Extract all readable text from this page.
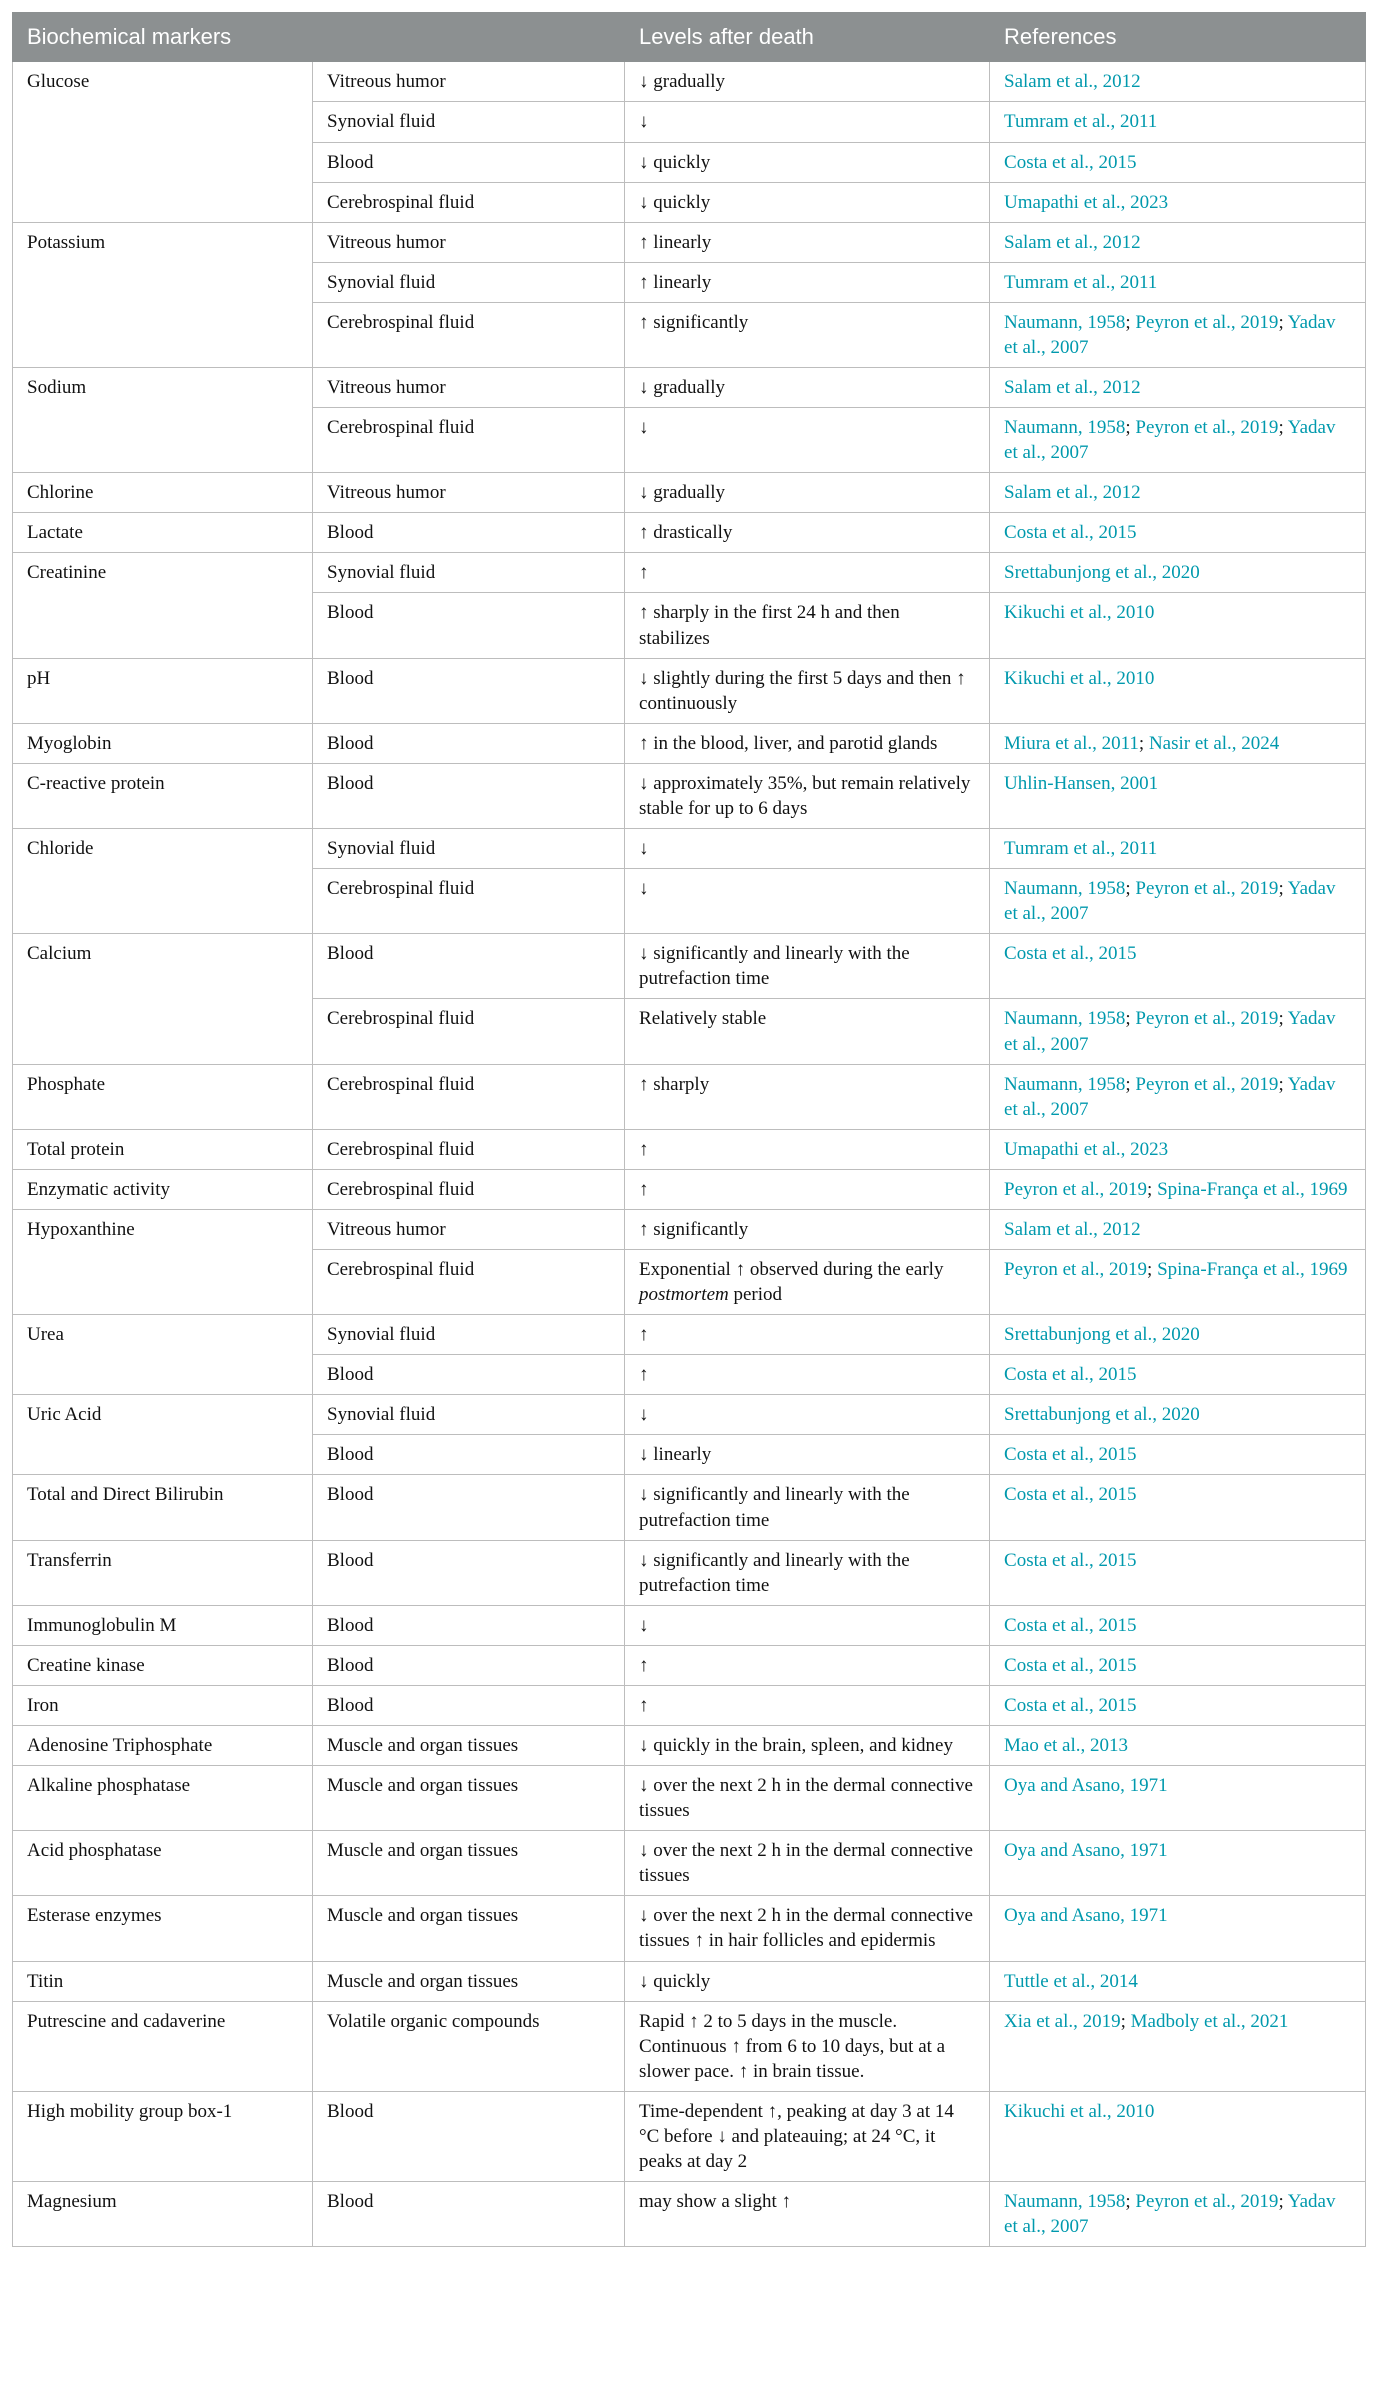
Biochemical markers		Levels after death	References
Glucose	Vitreous humor	↓ gradually	Salam et al., 2012
	Synovial fluid	↓	Tumram et al., 2011
	Blood	↓ quickly	Costa et al., 2015
	Cerebrospinal fluid	↓ quickly	Umapathi et al., 2023
Potassium	Vitreous humor	↑ linearly	Salam et al., 2012
	Synovial fluid	↑ linearly	Tumram et al., 2011
	Cerebrospinal fluid	↑ significantly	Naumann, 1958; Peyron et al., 2019; Yadav et al., 2007
Sodium	Vitreous humor	↓ gradually	Salam et al., 2012
	Cerebrospinal fluid	↓	Naumann, 1958; Peyron et al., 2019; Yadav et al., 2007
Chlorine	Vitreous humor	↓ gradually	Salam et al., 2012
Lactate	Blood	↑ drastically	Costa et al., 2015
Creatinine	Synovial fluid	↑	Srettabunjong et al., 2020
	Blood	↑ sharply in the first 24 h and then stabilizes	Kikuchi et al., 2010
pH	Blood	↓ slightly during the first 5 days and then ↑ continuously	Kikuchi et al., 2010
Myoglobin	Blood	↑ in the blood, liver, and parotid glands	Miura et al., 2011; Nasir et al., 2024
C-reactive protein	Blood	↓ approximately 35%, but remain relatively stable for up to 6 days	Uhlin-Hansen, 2001
Chloride	Synovial fluid	↓	Tumram et al., 2011
	Cerebrospinal fluid	↓	Naumann, 1958; Peyron et al., 2019; Yadav et al., 2007
Calcium	Blood	↓ significantly and linearly with the putrefaction time	Costa et al., 2015
	Cerebrospinal fluid	Relatively stable	Naumann, 1958; Peyron et al., 2019; Yadav et al., 2007
Phosphate	Cerebrospinal fluid	↑ sharply	Naumann, 1958; Peyron et al., 2019; Yadav et al., 2007
Total protein	Cerebrospinal fluid	↑	Umapathi et al., 2023
Enzymatic activity	Cerebrospinal fluid	↑	Peyron et al., 2019; Spina-França et al., 1969
Hypoxanthine	Vitreous humor	↑ significantly	Salam et al., 2012
	Cerebrospinal fluid	Exponential ↑ observed during the early postmortem period	Peyron et al., 2019; Spina-França et al., 1969
Urea	Synovial fluid	↑	Srettabunjong et al., 2020
	Blood	↑	Costa et al., 2015
Uric Acid	Synovial fluid	↓	Srettabunjong et al., 2020
	Blood	↓ linearly	Costa et al., 2015
Total and Direct Bilirubin	Blood	↓ significantly and linearly with the putrefaction time	Costa et al., 2015
Transferrin	Blood	↓ significantly and linearly with the putrefaction time	Costa et al., 2015
Immunoglobulin M	Blood	↓	Costa et al., 2015
Creatine kinase	Blood	↑	Costa et al., 2015
Iron	Blood	↑	Costa et al., 2015
Adenosine Triphosphate	Muscle and organ tissues	↓ quickly in the brain, spleen, and kidney	Mao et al., 2013
Alkaline phosphatase	Muscle and organ tissues	↓ over the next 2 h in the dermal connective tissues	Oya and Asano, 1971
Acid phosphatase	Muscle and organ tissues	↓ over the next 2 h in the dermal connective tissues	Oya and Asano, 1971
Esterase enzymes	Muscle and organ tissues	↓ over the next 2 h in the dermal connective tissues ↑ in hair follicles and epidermis	Oya and Asano, 1971
Titin	Muscle and organ tissues	↓ quickly	Tuttle et al., 2014
Putrescine and cadaverine	Volatile organic compounds	Rapid ↑ 2 to 5 days in the muscle. Continuous ↑ from 6 to 10 days, but at a slower pace. ↑ in brain tissue.	Xia et al., 2019; Madboly et al., 2021
High mobility group box-1	Blood	Time-dependent ↑, peaking at day 3 at 14 °C before ↓ and plateauing; at 24 °C, it peaks at day 2	Kikuchi et al., 2010
Magnesium	Blood	may show a slight ↑	Naumann, 1958; Peyron et al., 2019; Yadav et al., 2007
